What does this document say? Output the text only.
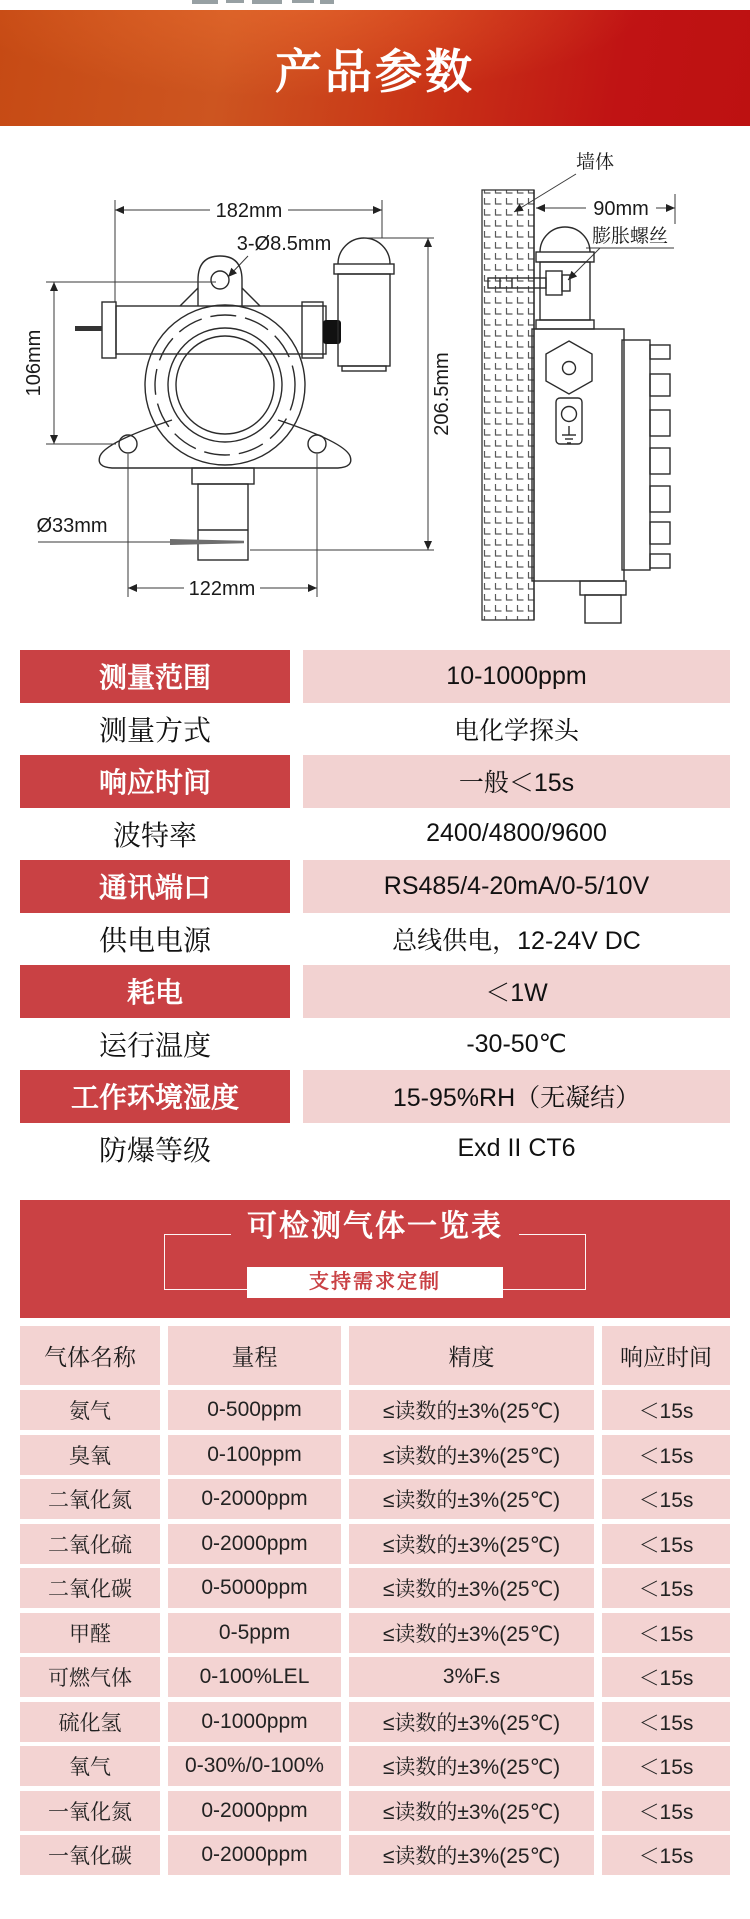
产品参数
182mm
3-Ø8.5mm
Ø33mm
122mm
106mm	206.5mm
墙体
90mm
膨胀螺丝
测量范围	10-1000ppm
测量方式	电化学探头
响应时间	一般＜15s
波特率	2400/4800/9600
通讯端口	RS485/4-20mA/0-5/10V
供电电源	总线供电，12-24V DC
耗电	＜1W
运行温度	-30-50℃
工作环境湿度	15-95%RH（无凝结）
防爆等级	Exd II CT6
可检测气体一览表
支持需求定制
气体名称	量程	精度	响应时间
氨气	0-500ppm	≤读数的±3%(25℃)	＜15s
臭氧	0-100ppm	≤读数的±3%(25℃)	＜15s
二氧化氮	0-2000ppm	≤读数的±3%(25℃)	＜15s
二氧化硫	0-2000ppm	≤读数的±3%(25℃)	＜15s
二氧化碳	0-5000ppm	≤读数的±3%(25℃)	＜15s
甲醛	0-5ppm	≤读数的±3%(25℃)	＜15s
可燃气体	0-100%LEL	3%F.s	＜15s
硫化氢	0-1000ppm	≤读数的±3%(25℃)	＜15s
氧气	0-30%/0-100%	≤读数的±3%(25℃)	＜15s
一氧化氮	0-2000ppm	≤读数的±3%(25℃)	＜15s
一氧化碳	0-2000ppm	≤读数的±3%(25℃)	＜15s
